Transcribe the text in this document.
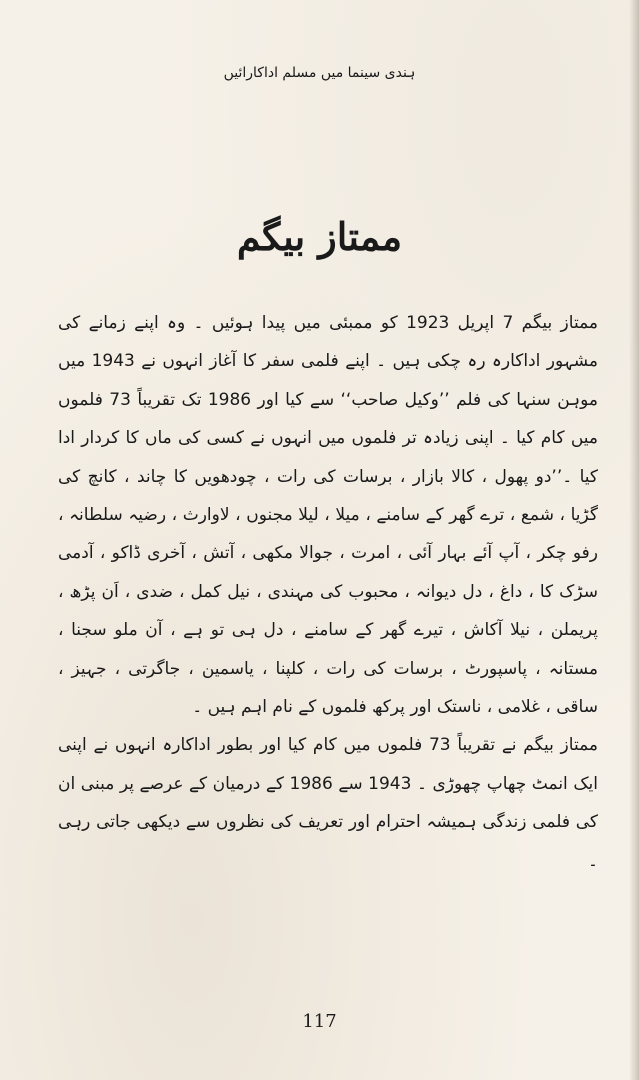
ہندی سینما میں مسلم اداکارائیں
ممتاز بیگم

ممتاز بیگم 7 اپریل 1923 کو ممبئی میں پیدا ہوئیں ۔ وہ اپنے زمانے کی مشہور اداکارہ رہ چکی ہیں ۔ اپنے فلمی سفر کا آغاز انہوں نے 1943 میں موہن سنہا کی فلم ’’وکیل صاحب‘‘ سے کیا اور 1986 تک تقریباً 73 فلموں میں کام کیا ۔ اپنی زیادہ تر فلموں میں انہوں نے کسی کی ماں کا کردار ادا کیا ۔’’دو پھول ، کالا بازار ، برسات کی رات ، چودھویں کا چاند ، کانچ کی گڑیا ، شمع ، ترے گھر کے سامنے ، میلا ، لیلا مجنوں ، لاوارث ، رضیہ سلطانہ ، رفو چکر ، آپ آئے بہار آئی ، امرت ، جوالا مکھی ، آتش ، آخری ڈاکو ، آدمی سڑک کا ، داغ ، دل دیوانہ ، محبوب کی مہندی ، نیل کمل ، ضدی ، اَن پڑھ ، پریملن ، نیلا آکاش ، تیرے گھر کے سامنے ، دل ہی تو ہے ، آن ملو سجنا ، مستانہ ، پاسپورٹ ، برسات کی رات ، کلپنا ، یاسمین ، جاگرتی ، جہیز ، ساقی ، غلامی ، ناستک اور پرکھ فلموں کے نام اہم ہیں ۔

ممتاز بیگم نے تقریباً 73 فلموں میں کام کیا اور بطور اداکارہ انہوں نے اپنی ایک انمٹ چھاپ چھوڑی ۔ 1943 سے 1986 کے درمیان کے عرصے پر مبنی ان کی فلمی زندگی ہمیشہ احترام اور تعریف کی نظروں سے دیکھی جاتی رہی ۔

117
